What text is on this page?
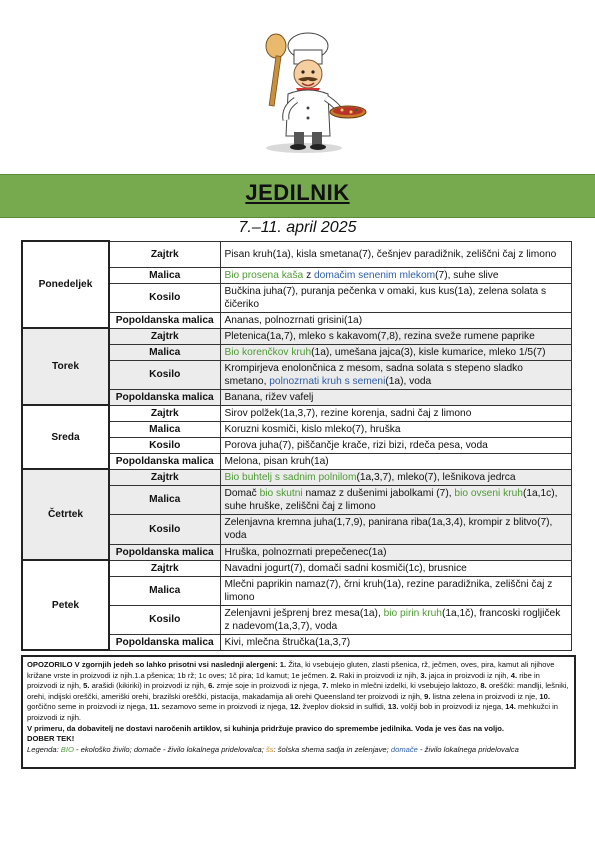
JEDILNIK
7.–11. april 2025
Ponedeljek	Zajtrk	Pisan kruh(1a), kisla smetana(7), češnjev paradižnik, zeliščni čaj z limono
	Malica	Bio prosena kaša z domačim senenim mlekom(7), suhe slive
	Kosilo	Bučkina juha(7), puranja pečenka v omaki, kus kus(1a), zelena solata s čičeriko
	Popoldanska malica	Ananas, polnozrnati grisini(1a)
Torek	Zajtrk	Pletenica(1a,7), mleko s kakavom(7,8), rezina sveže rumene paprike
	Malica	Bio korenčkov kruh(1a), umešana jajca(3), kisle kumarice, mleko 1/5(7)
	Kosilo	Krompirjeva enolončnica z mesom, sadna solata s stepeno sladko smetano, polnozrnati kruh s semeni(1a), voda
	Popoldanska malica	Banana, rižev vafelj
Sreda	Zajtrk	Sirov polžek(1a,3,7), rezine korenja, sadni čaj z limono
	Malica	Koruzni kosmiči, kislo mleko(7), hruška
	Kosilo	Porova juha(7), piščančje krače, rizi bizi, rdeča pesa, voda
	Popoldanska malica	Melona, pisan kruh(1a)
Četrtek	Zajtrk	Bio buhtelj s sadnim polnilom(1a,3,7), mleko(7), lešnikova jedrca
	Malica	Domač bio skutni namaz z dušenimi jabolkami (7), bio ovseni kruh(1a,1c), suhe hruške, zeliščni čaj z limono
	Kosilo	Zelenjavna kremna juha(1,7,9), panirana riba(1a,3,4), krompir z blitvo(7), voda
	Popoldanska malica	Hruška, polnozrnati prepečenec(1a)
Petek	Zajtrk	Navadni jogurt(7), domači sadni kosmiči(1c), brusnice
	Malica	Mlečni paprikin namaz(7), črni kruh(1a), rezine paradižnika, zeliščni čaj z limono
	Kosilo	Zelenjavni ješprenj brez mesa(1a), bio pirin kruh(1a,1č), francoski rogljiček z nadevom(1a,3,7), voda
	Popoldanska malica	Kivi, mlečna štručka(1a,3,7)

OPOZORILO V zgornjih jedeh so lahko prisotni vsi naslednji alergeni: 1. Žita, ki vsebujejo gluten, zlasti pšenica, rž, ječmen, oves, pira, kamut ali njihove križane vrste in proizvodi iz njih.1.a pšenica; 1b rž; 1c oves; 1č pira; 1d kamut; 1e ječmen. 2. Raki in proizvodi iz njih, 3. jajca in proizvodi iz njih, 4. ribe in proizvodi iz njih, 5. arašidi (kikiriki) in proizvodi iz njih, 6. zrnje soje in proizvodi iz njega, 7. mleko in mlečni izdelki, ki vsebujejo laktozo, 8. oreščki: mandlji, lešniki, orehi, indijski oreščki, ameriški orehi, brazilski oreščki, pistacija, makadamija ali orehi Queensland ter proizvodi iz njih, 9. listna zelena in proizvodi iz nje, 10. gorčično seme in proizvodi iz njega, 11. sezamovo seme in proizvodi iz njega, 12. žveplov dioksid in sulfidi, 13. volčji bob in proizvodi iz njega, 14. mehkužci in proizvodi iz njih.

V primeru, da dobavitelj ne dostavi naročenih artiklov, si kuhinja pridržuje pravico do spremembe jedilnika. Voda je ves čas na voljo.

DOBER TEK!

Legenda: BIO - ekološko živilo; domače - živilo lokalnega pridelovalca; šs: šolska shema sadja in zelenjave; domače - živilo lokalnega pridelovalca
